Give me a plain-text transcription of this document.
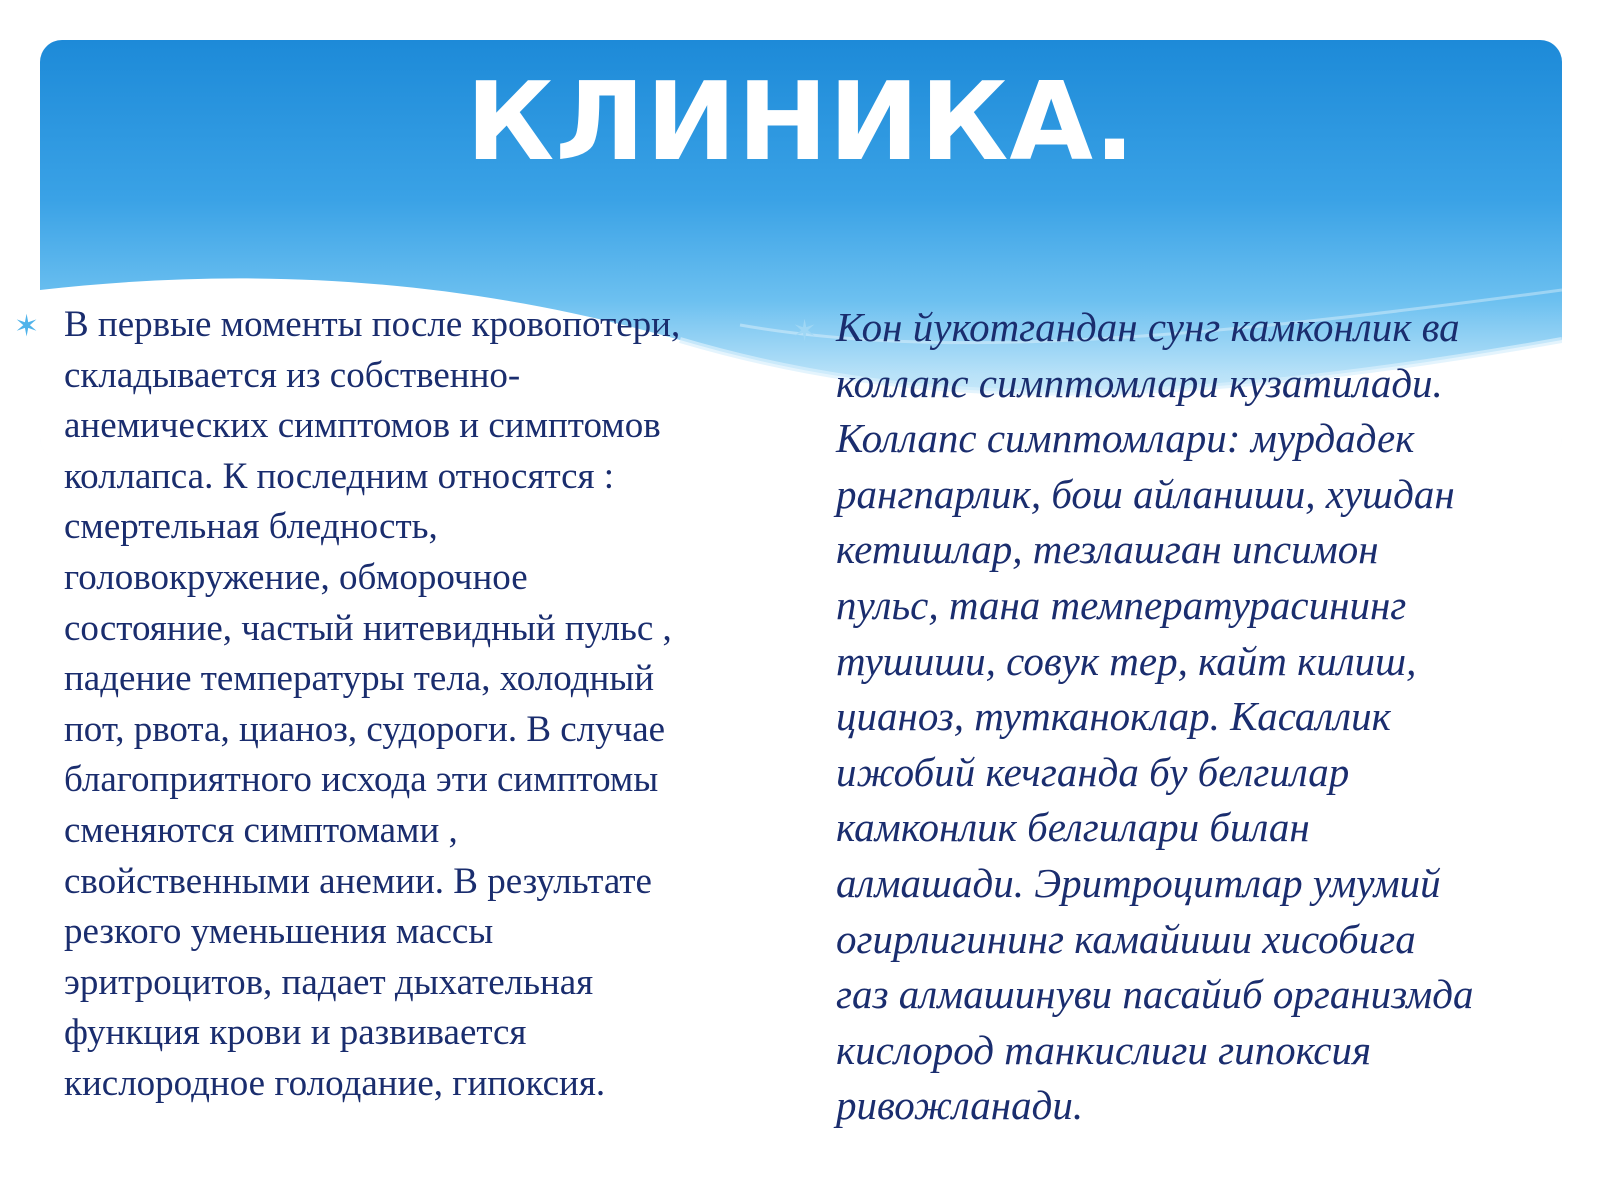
КЛИНИКА.
✶ В первые моменты после кровопотери,
складывается из собственно-
анемических симптомов и симптомов
коллапса. К последним относятся :
смертельная бледность,
головокружение, обморочное
состояние, частый нитевидный пульс ,
падение температуры тела, холодный
пот, рвота, цианоз, судороги. В случае
благоприятного исхода эти симптомы
сменяются симптомами ,
свойственными анемии. В результате
резкого уменьшения массы
эритроцитов, падает дыхательная
функция крови и развивается
кислородное голодание, гипоксия.
✶ Кон йукотгандан сунг камконлик ва
коллапс симптомлари кузатилади.
Коллапс симптомлари: мурдадек
рангпарлик, бош айланиши, хушдан
кетишлар, тезлашган ипсимон
пульс, тана температурасининг
тушиши, совук тер, кайт килиш,
цианоз, тутканоклар. Касаллик
ижобий кечганда бу белгилар
камконлик белгилари билан
алмашади. Эритроцитлар умумий
огирлигининг камайиши хисобига
газ алмашинуви пасайиб организмда
кислород танкислиги гипоксия
ривожланади.
